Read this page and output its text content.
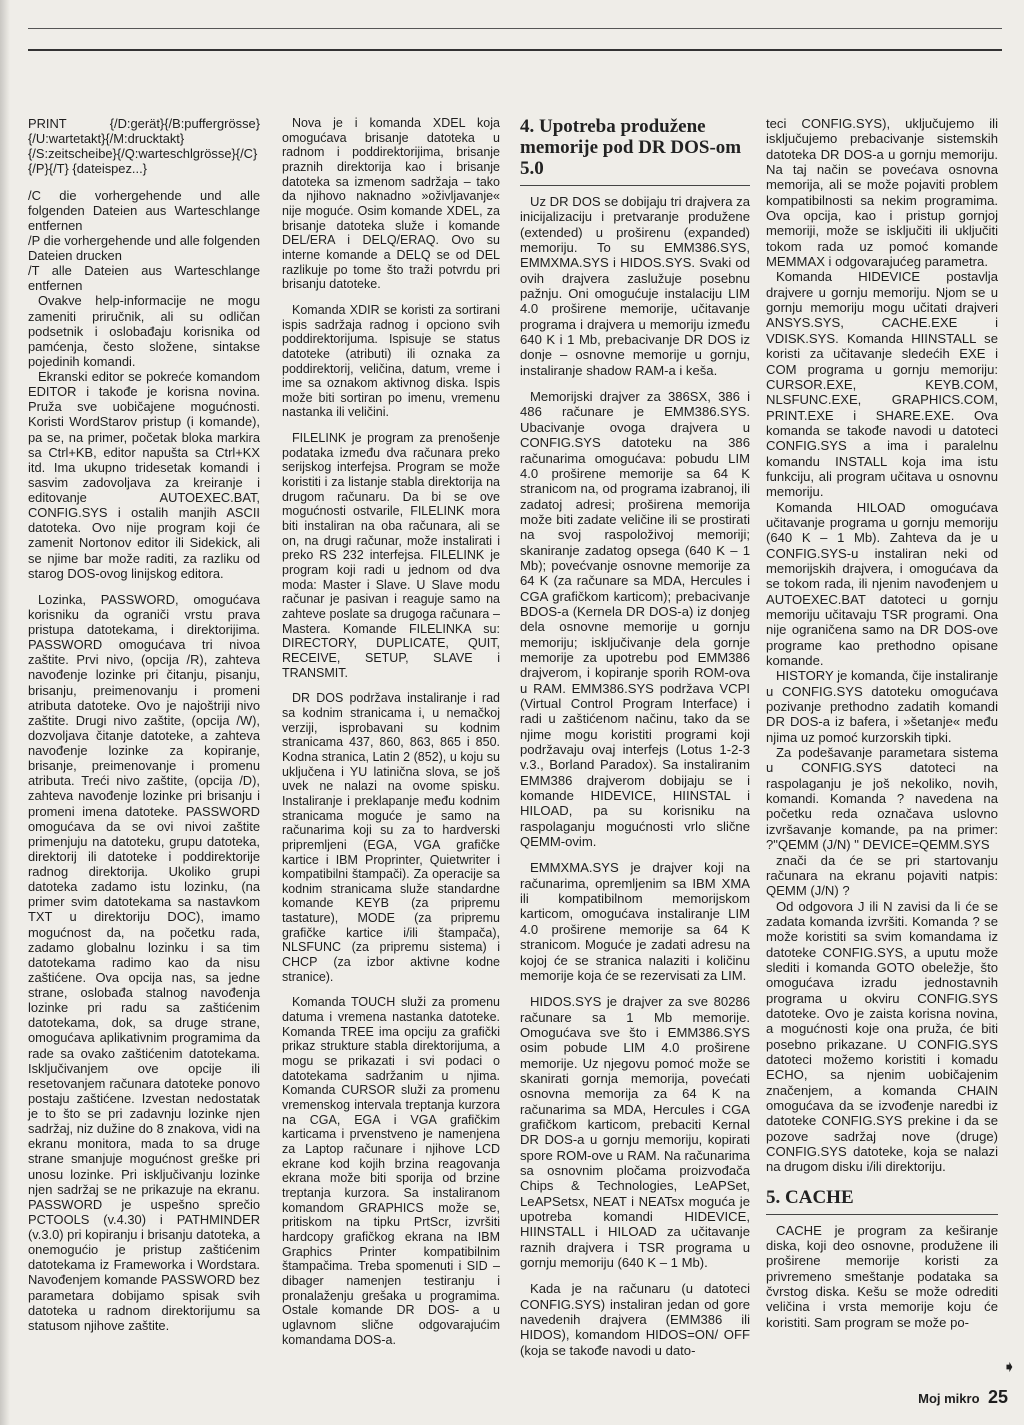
PRINT {/D:gerät}{/B:puffergrösse}{/U:wartetakt}{/M:drucktakt} {/S:zeitscheibe}{/Q:warteschlgrösse}{/C}{/P}{/T} {dateispez...}

/C die vorhergehende und alle folgenden Dateien aus Warteschlange entfernen

/P die vorhergehende und alle folgenden Dateien drucken

/T alle Dateien aus Warteschlange entfernen

Ovakve help-informacije ne mogu zameniti priručnik, ali su odličan podsetnik i oslobađaju korisnika od pamćenja, često složene, sintakse pojedinih komandi.

Ekranski editor se pokreće komandom EDITOR i takođe je korisna novina. Pruža sve uobičajene mogućnosti. Koristi WordStarov pristup (i komande), pa se, na primer, početak bloka markira sa Ctrl+KB, editor napušta sa Ctrl+KX itd. Ima ukupno tridesetak komandi i sasvim zadovoljava za kreiranje i editovanje AUTOEXEC.BAT, CONFIG.SYS i ostalih manjih ASCII datoteka. Ovo nije program koji će zamenit Nortonov editor ili Sidekick, ali se njime bar može raditi, za razliku od starog DOS-ovog linijskog editora.

Lozinka, PASSWORD, omogućava korisniku da ograniči vrstu prava pristupa datotekama, i direktorijima. PASSWORD omogućava tri nivoa zaštite. Prvi nivo, (opcija /R), zahteva navođenje lozinke pri čitanju, pisanju, brisanju, preimenovanju i promeni atributa datoteke. Ovo je najoštriji nivo zaštite. Drugi nivo zaštite, (opcija /W), dozvoljava čitanje datoteke, a zahteva navođenje lozinke za kopiranje, brisanje, preimenovanje i promenu atributa. Treći nivo zaštite, (opcija /D), zahteva navođenje lozinke pri brisanju i promeni imena datoteke. PASSWORD omogućava da se ovi nivoi zaštite primenjuju na datoteku, grupu datoteka, direktorij ili datoteke i poddirektorije radnog direktorija. Ukoliko grupi datoteka zadamo istu lozinku, (na primer svim datotekama sa nastavkom TXT u direktoriju DOC), imamo mogućnost da, na početku rada, zadamo globalnu lozinku i sa tim datotekama radimo kao da nisu zaštićene. Ova opcija nas, sa jedne strane, oslobađa stalnog navođenja lozinke pri radu sa zaštićenim datotekama, dok, sa druge strane, omogućava aplikativnim programima da rade sa ovako zaštićenim datotekama. Isključivanjem ove opcije ili resetovanjem računara datoteke ponovo postaju zaštićene. Izvestan nedostatak je to što se pri zadavnju lozinke njen sadržaj, niz dužine do 8 znakova, vidi na ekranu monitora, mada to sa druge strane smanjuje mogućnost greške pri unosu lozinke. Pri isključivanju lozinke njen sadržaj se ne prikazuje na ekranu. PASSWORD je uspešno sprečio PCTOOLS (v.4.30) i PATHMINDER (v.3.0) pri kopiranju i brisanju datoteka, a onemogućio je pristup zaštićenim datotekama iz Frameworka i Wordstara. Navođenjem komande PASSWORD bez parametara dobijamo spisak svih datoteka u radnom direktorijumu sa statusom njihove zaštite.

Nova je i komanda XDEL koja omogućava brisanje datoteka u radnom i poddirektorijima, brisanje praznih direktorija kao i brisanje datoteka sa izmenom sadržaja – tako da njihovo naknadno »oživljavanje« nije moguće. Osim komande XDEL, za brisanje datoteka služe i komande DEL/ERA i DELQ/ERAQ. Ovo su interne komande a DELQ se od DEL razlikuje po tome što traži potvrdu pri brisanju datoteke.

Komanda XDIR se koristi za sortirani ispis sadržaja radnog i opciono svih poddirektorijuma. Ispisuje se status datoteke (atributi) ili oznaka za poddirektorij, veličina, datum, vreme i ime sa oznakom aktivnog diska. Ispis može biti sortiran po imenu, vremenu nastanka ili veličini.

FILELINK je program za prenošenje podataka između dva računara preko serijskog interfejsa. Program se može koristiti i za listanje stabla direktorija na drugom računaru. Da bi se ove mogućnosti ostvarile, FILELINK mora biti instaliran na oba računara, ali se on, na drugi računar, može instalirati i preko RS 232 interfejsa. FILELINK je program koji radi u jednom od dva moda: Master i Slave. U Slave modu računar je pasivan i reaguje samo na zahteve poslate sa drugoga računara – Mastera. Komande FILELINKA su: DIRECTORY, DUPLICATE, QUIT, RECEIVE, SETUP, SLAVE i TRANSMIT.

DR DOS podržava instaliranje i rad sa kodnim stranicama i, u nemačkoj verziji, isprobavani su kodnim stranicama 437, 860, 863, 865 i 850. Kodna stranica, Latin 2 (852), u koju su uključena i YU latinična slova, se još uvek ne nalazi na ovome spisku. Instaliranje i preklapanje među kodnim stranicama moguće je samo na računarima koji su za to hardverski pripremljeni (EGA, VGA grafičke kartice i IBM Proprinter, Quietwriter i kompatibilni štampači). Za operacije sa kodnim stranicama služe standardne komande KEYB (za pripremu tastature), MODE (za pripremu grafičke kartice i/ili štampača), NLSFUNC (za pripremu sistema) i CHCP (za izbor aktivne kodne stranice).

Komanda TOUCH služi za promenu datuma i vremena nastanka datoteke. Komanda TREE ima opciju za grafički prikaz strukture stabla direktorijuma, a mogu se prikazati i svi podaci o datotekama sadržanim u njima. Komanda CURSOR služi za promenu vremenskog intervala treptanja kurzora na CGA, EGA i VGA grafičkim karticama i prvenstveno je namenjena za Laptop računare i njihove LCD ekrane kod kojih brzina reagovanja ekrana može biti sporija od brzine treptanja kurzora. Sa instaliranom komandom GRAPHICS može se, pritiskom na tipku PrtScr, izvršiti hardcopy grafičkog ekrana na IBM Graphics Printer kompatibilnim štampačima. Treba spomenuti i SID – dibager namenjen testiranju i pronalaženju grešaka u programima. Ostale komande DR DOS- a u uglavnom slične odgovarajućim komandama DOS-a.

4. Upotreba produžene memorije pod DR DOS-om 5.0

Uz DR DOS se dobijaju tri drajvera za inicijalizaciju i pretvaranje produžene (extended) u proširenu (expanded) memoriju. To su EMM386.SYS, EMMXMA.SYS i HIDOS.SYS. Svaki od ovih drajvera zaslužuje posebnu pažnju. Oni omogućuje instalaciju LIM 4.0 proširene memorije, učitavanje programa i drajvera u memoriju između 640 K i 1 Mb, prebacivanje DR DOS iz donje – osnovne memorije u gornju, instaliranje shadow RAM-a i keša.

Memorijski drajver za 386SX, 386 i 486 računare je EMM386.SYS. Ubacivanje ovoga drajvera u CONFIG.SYS datoteku na 386 računarima omogućava: pobudu LIM 4.0 proširene memorije sa 64 K stranicom na, od programa izabranoj, ili zadatoj adresi; proširena memorija može biti zadate veličine ili se prostirati na svoj raspoloživoj memoriji; skaniranje zadatog opsega (640 K – 1 Mb); povećvanje osnovne memorije za 64 K (za računare sa MDA, Hercules i CGA grafičkom karticom); prebacivanje BDOS-a (Kernela DR DOS-a) iz donjeg dela osnovne memorije u gornju memoriju; isključivanje dela gornje memorije za upotrebu pod EMM386 drajverom, i kopiranje sporih ROM-ova u RAM. EMM386.SYS podržava VCPI (Virtual Control Program Interface) i radi u zaštićenom načinu, tako da se njime mogu koristiti programi koji podržavaju ovaj interfejs (Lotus 1-2-3 v.3., Borland Paradox). Sa instaliranim EMM386 drajverom dobijaju se i komande HIDEVICE, HIINSTAL i HILOAD, pa su korisniku na raspolaganju mogućnosti vrlo slične QEMM-ovim.

EMMXMA.SYS je drajver koji na računarima, opremljenim sa IBM XMA ili kompatibilnom memorijskom karticom, omogućava instaliranje LIM 4.0 proširene memorije sa 64 K stranicom. Moguće je zadati adresu na kojoj će se stranica nalaziti i količinu memorije koja će se rezervisati za LIM.

HIDOS.SYS je drajver za sve 80286 računare sa 1 Mb memorije. Omogućava sve što i EMM386.SYS osim pobude LIM 4.0 proširene memorije. Uz njegovu pomoć može se skanirati gornja memorija, povećati osnovna memorija za 64 K na računarima sa MDA, Hercules i CGA grafičkom karticom, prebaciti Kernal DR DOS-a u gornju memoriju, kopirati spore ROM-ove u RAM. Na računarima sa osnovnim pločama proizvođača Chips & Technologies, LeAPSet, LeAPSetsx, NEAT i NEATsx moguća je upotreba komandi HIDEVICE, HIINSTALL i HILOAD za učitavanje raznih drajvera i TSR programa u gornju memoriju (640 K – 1 Mb).

Kada je na računaru (u datoteci CONFIG.SYS) instaliran jedan od gore navedenih drajvera (EMM386 ili HIDOS), komandom HIDOS=ON/ OFF (koja se takođe navodi u dato-

teci CONFIG.SYS), uključujemo ili isključujemo prebacivanje sistemskih datoteka DR DOS-a u gornju memoriju. Na taj način se povećava osnovna memorija, ali se može pojaviti problem kompatibilnosti sa nekim programima. Ova opcija, kao i pristup gornjoj memoriji, može se isključiti ili uključiti tokom rada uz pomoć komande MEMMAX i odgovarajućeg parametra.

Komanda HIDEVICE postavlja drajvere u gornju memoriju. Njom se u gornju memoriju mogu učitati drajveri ANSYS.SYS, CACHE.EXE i VDISK.SYS. Komanda HIINSTALL se koristi za učitavanje sledećih EXE i COM programa u gornju memoriju: CURSOR.EXE, KEYB.COM, NLSFUNC.EXE, GRAPHICS.COM, PRINT.EXE i SHARE.EXE. Ova komanda se takođe navodi u datoteci CONFIG.SYS a ima i paralelnu komandu INSTALL koja ima istu funkciju, ali program učitava u osnovnu memoriju.

Komanda HILOAD omogućava učitavanje programa u gornju memoriju (640 K – 1 Mb). Zahteva da je u CONFIG.SYS-u instaliran neki od memorijskih drajvera, i omogućava da se tokom rada, ili njenim navođenjem u AUTOEXEC.BAT datoteci u gornju memoriju učitavaju TSR programi. Ona nije ograničena samo na DR DOS-ove programe kao prethodno opisane komande.

HISTORY je komanda, čije instaliranje u CONFIG.SYS datoteku omogućava pozivanje prethodno zadatih komandi DR DOS-a iz bafera, i »šetanje« među njima uz pomoć kurzorskih tipki.

Za podešavanje parametara sistema u CONFIG.SYS datoteci na raspolaganju je još nekoliko, novih, komandi. Komanda ? navedena na početku reda označava uslovno izvršavanje komande, pa na primer: ?"QEMM (J/N) " DEVICE=QEMM.SYS

znači da će se pri startovanju računara na ekranu pojaviti natpis: QEMM (J/N) ?

Od odgovora J ili N zavisi da li će se zadata komanda izvršiti. Komanda ? se može koristiti sa svim komandama iz datoteke CONFIG.SYS, a uputu može slediti i komanda GOTO obeležje, što omogućava izradu jednostavnih programa u okviru CONFIG.SYS datoteke. Ovo je zaista korisna novina, a mogućnosti koje ona pruža, će biti posebno prikazane. U CONFIG.SYS datoteci možemo koristiti i komadu ECHO, sa njenim uobičajenim značenjem, a komanda CHAIN omogućava da se izvođenje naredbi iz datoteke CONFIG.SYS prekine i da se pozove sadržaj nove (druge) CONFIG.SYS datoteke, koja se nalazi na drugom disku i/ili direktoriju.

5. CACHE

CACHE je program za keširanje diska, koji deo osnovne, produžene ili proširene memorije koristi za privremeno smeštanje podataka sa čvrstog diska. Kešu se može odrediti veličina i vrsta memorije koju će koristiti. Sam program se može po-

➧
Moj mikro 25
